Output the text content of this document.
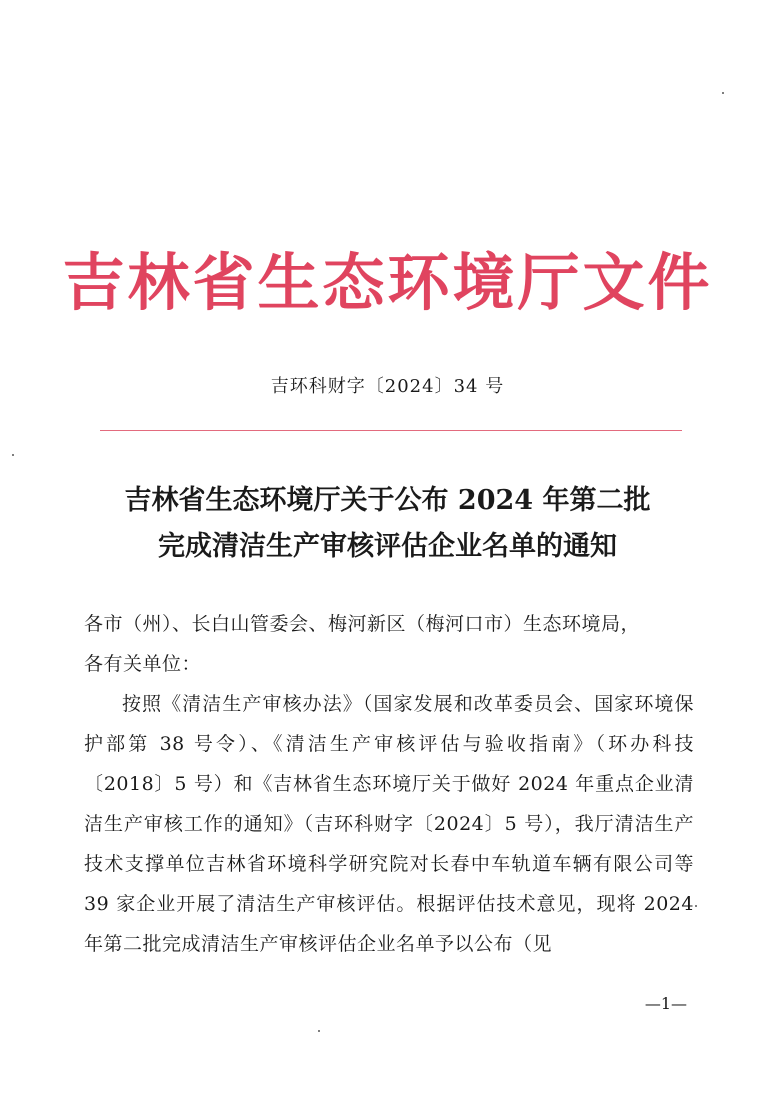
吉林省生态环境厅文件
吉环科财字〔2024〕34 号
吉林省生态环境厅关于公布 2024 年第二批
完成清洁生产审核评估企业名单的通知
各市（州）、长白山管委会、梅河新区（梅河口市）生态环境局，
各有关单位：
按照《清洁生产审核办法》（国家发展和改革委员会、国家环境保护部第 38 号令）、《清洁生产审核评估与验收指南》（环办科技〔2018〕5 号）和《吉林省生态环境厅关于做好 2024 年重点企业清洁生产审核工作的通知》（吉环科财字〔2024〕5 号），我厅清洁生产技术支撑单位吉林省环境科学研究院对长春中车轨道车辆有限公司等 39 家企业开展了清洁生产审核评估。根据评估技术意见，现将 2024 年第二批完成清洁生产审核评估企业名单予以公布（见
—1—
